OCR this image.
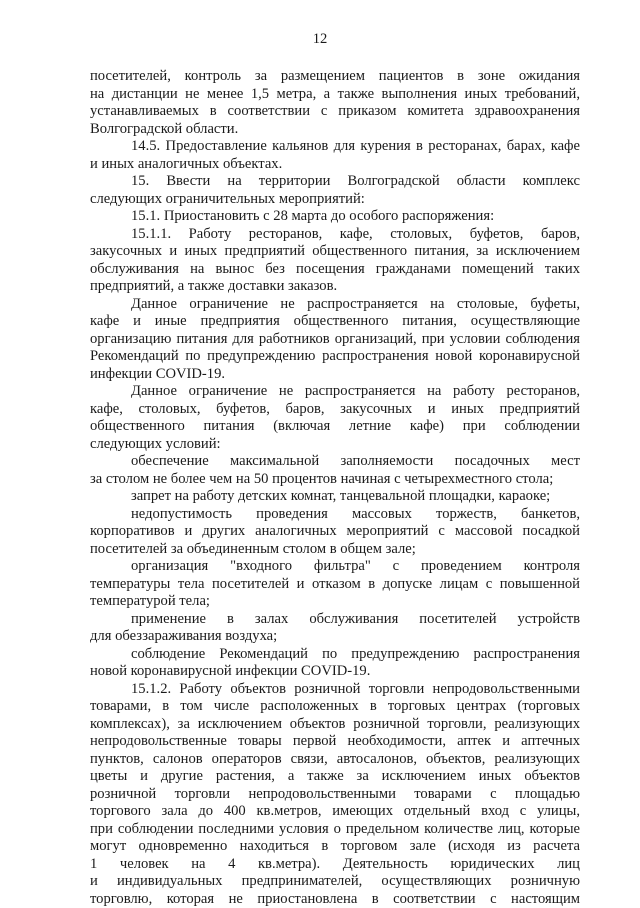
12
посетителей, контроль за размещением пациентов в зоне ожидания
на дистанции не менее 1,5 метра, а также выполнения иных требований,
устанавливаемых в соответствии с приказом комитета здравоохранения
Волгоградской области.
14.5. Предоставление кальянов для курения в ресторанах, барах, кафе
и иных аналогичных объектах.
15. Ввести на территории Волгоградской области комплекс
следующих ограничительных мероприятий:
15.1. Приостановить с 28 марта до особого распоряжения:
15.1.1. Работу ресторанов, кафе, столовых, буфетов, баров,
закусочных и иных предприятий общественного питания, за исключением
обслуживания на вынос без посещения гражданами помещений таких
предприятий, а также доставки заказов.
Данное ограничение не распространяется на столовые, буфеты,
кафе и иные предприятия общественного питания, осуществляющие
организацию питания для работников организаций, при условии соблюдения
Рекомендаций по предупреждению распространения новой коронавирусной
инфекции COVID-19.
Данное ограничение не распространяется на работу ресторанов,
кафе, столовых, буфетов, баров, закусочных и иных предприятий
общественного питания (включая летние кафе) при соблюдении
следующих условий:
обеспечение максимальной заполняемости посадочных мест
за столом не более чем на 50 процентов начиная с четырехместного стола;
запрет на работу детских комнат, танцевальной площадки, караоке;
недопустимость проведения массовых торжеств, банкетов,
корпоративов и других аналогичных мероприятий с массовой посадкой
посетителей за объединенным столом в общем зале;
организация "входного фильтра" с проведением контроля
температуры тела посетителей и отказом в допуске лицам с повышенной
температурой тела;
применение в залах обслуживания посетителей устройств
для обеззараживания воздуха;
соблюдение Рекомендаций по предупреждению распространения
новой коронавирусной инфекции COVID-19.
15.1.2. Работу объектов розничной торговли непродовольственными
товарами, в том числе расположенных в торговых центрах (торговых
комплексах), за исключением объектов розничной торговли, реализующих
непродовольственные товары первой необходимости, аптек и аптечных
пунктов, салонов операторов связи, автосалонов, объектов, реализующих
цветы и другие растения, а также за исключением иных объектов
розничной торговли непродовольственными товарами с площадью
торгового зала до 400 кв.метров, имеющих отдельный вход с улицы,
при соблюдении последними условия о предельном количестве лиц, которые
могут одновременно находиться в торговом зале (исходя из расчета
1 человек на 4 кв.метра). Деятельность юридических лиц
и индивидуальных предпринимателей, осуществляющих розничную
торговлю, которая не приостановлена в соответствии с настоящим
